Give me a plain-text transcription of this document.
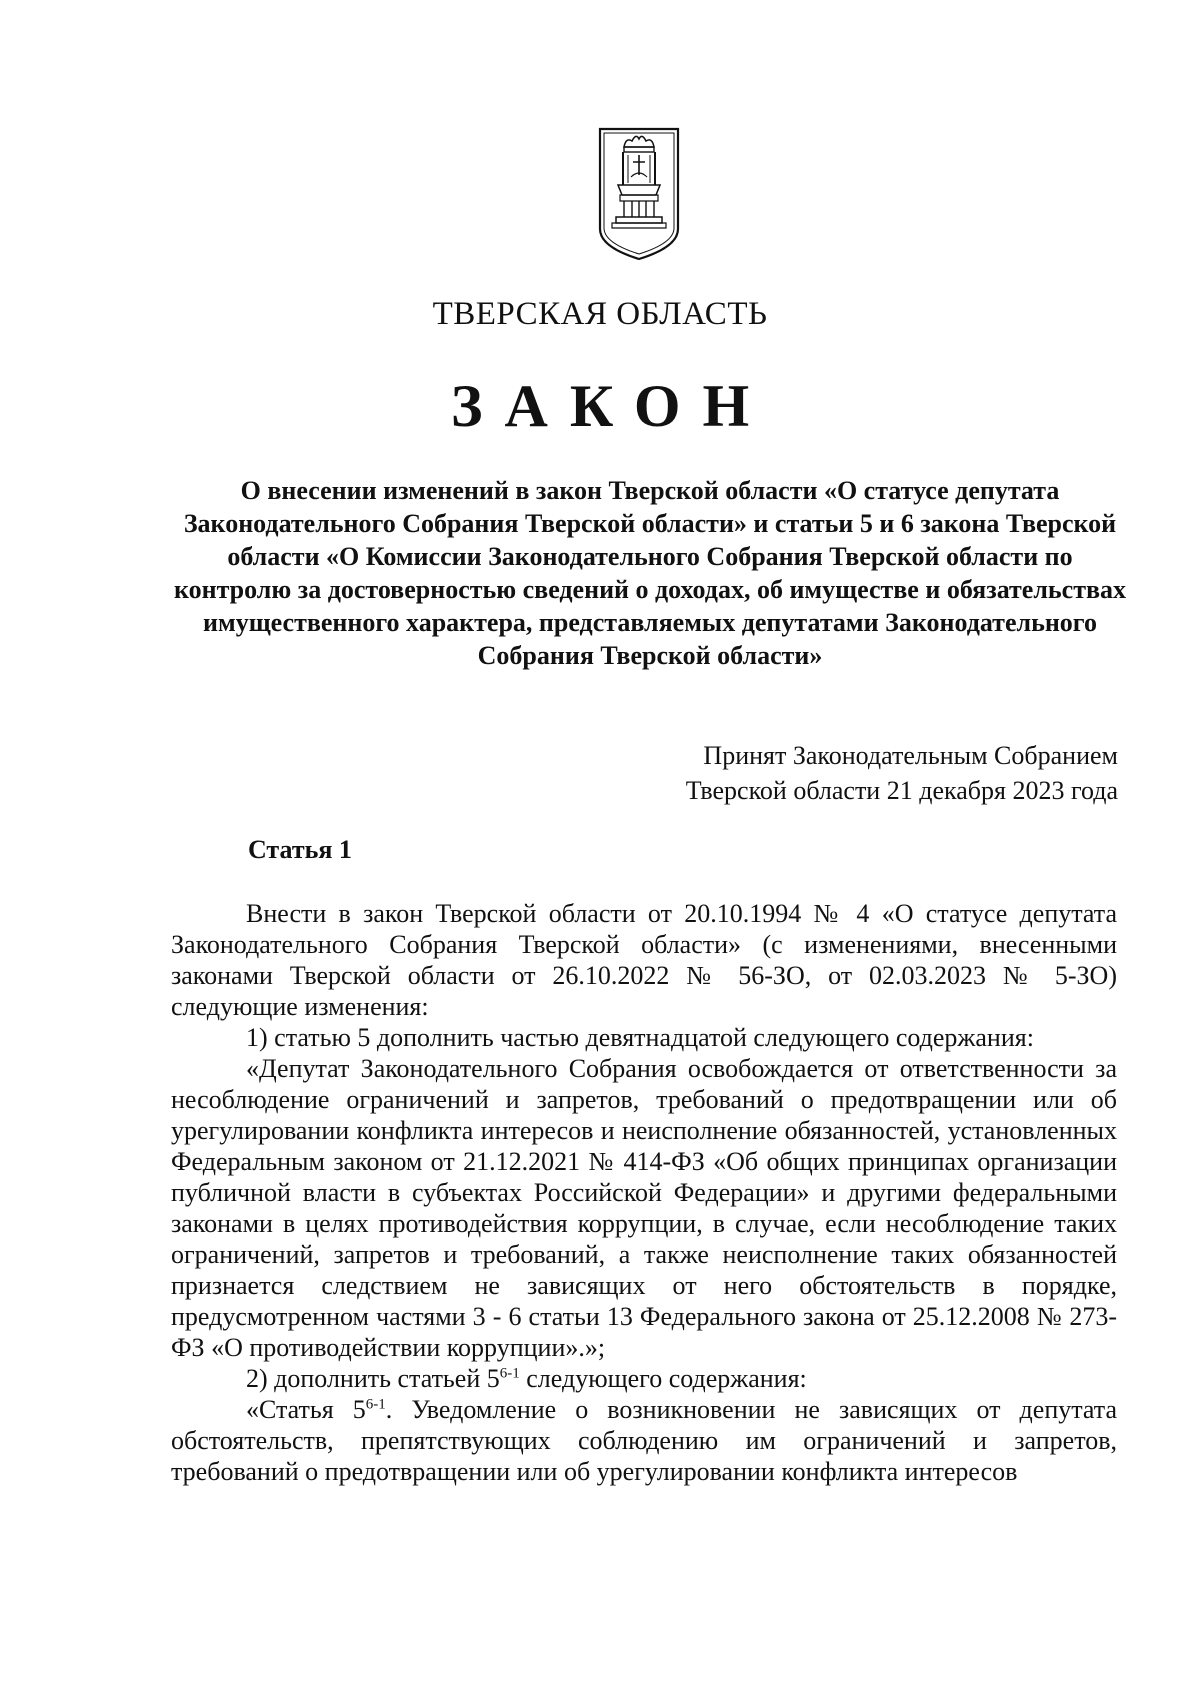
ТВЕРСКАЯ ОБЛАСТЬ
ЗАКОН
О внесении изменений в закон Тверской области «О статусе депутата Законодательного Собрания Тверской области» и статьи 5 и 6 закона Тверской области «О Комиссии Законодательного Собрания Тверской области по контролю за достоверностью сведений о доходах, об имуществе и обязательствах имущественного характера, представляемых депутатами Законодательного Собрания Тверской области»
Принят Законодательным Собранием
Тверской области 21 декабря 2023 года
Статья 1

Внести в закон Тверской области от 20.10.1994 № 4 «О статусе депутата Законодательного Собрания Тверской области» (с изменениями, внесенными законами Тверской области от 26.10.2022 № 56-ЗО, от 02.03.2023 № 5-ЗО) следующие изменения:

1) статью 5 дополнить частью девятнадцатой следующего содержания:

«Депутат Законодательного Собрания освобождается от ответственности за несоблюдение ограничений и запретов, требований о предотвращении или об урегулировании конфликта интересов и неисполнение обязанностей, установленных Федеральным законом от 21.12.2021 № 414-ФЗ «Об общих принципах организации публичной власти в субъектах Российской Федерации» и другими федеральными законами в целях противодействия коррупции, в случае, если несоблюдение таких ограничений, запретов и требований, а также неисполнение таких обязанностей признается следствием не зависящих от него обстоятельств в порядке, предусмотренном частями 3 - 6 статьи 13 Федерального закона от 25.12.2008 № 273-ФЗ «О противодействии коррупции».»;

2) дополнить статьей 5$^{6-1}$ следующего содержания:

«Статья 5$^{6-1}$. Уведомление о возникновении не зависящих от депутата обстоятельств, препятствующих соблюдению им ограничений и запретов, требований о предотвращении или об урегулировании конфликта интересов
